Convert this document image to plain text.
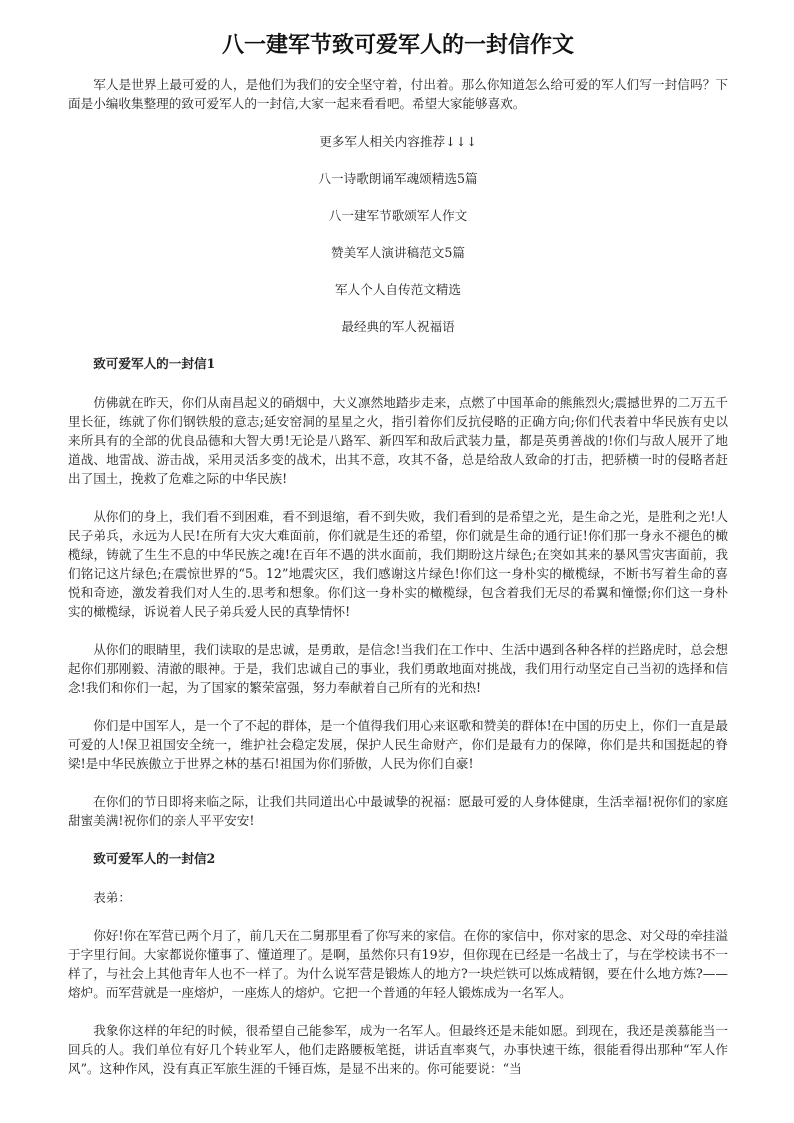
八一建军节致可爱军人的一封信作文

军人是世界上最可爱的人，是他们为我们的安全坚守着，付出着。那么你知道怎么给可爱的军人们写一封信吗？下面是小编收集整理的致可爱军人的一封信,大家一起来看看吧。希望大家能够喜欢。

更多军人相关内容推荐↓↓↓
八一诗歌朗诵军魂颂精选5篇
八一建军节歌颂军人作文
赞美军人演讲稿范文5篇
军人个人自传范文精选
最经典的军人祝福语
致可爱军人的一封信1

仿佛就在昨天，你们从南昌起义的硝烟中，大义凛然地踏步走来，点燃了中国革命的熊熊烈火;震撼世界的二万五千里长征，练就了你们钢铁般的意志;延安窑洞的星星之火，指引着你们反抗侵略的正确方向;你们代表着中华民族有史以来所具有的全部的优良品德和大智大勇!无论是八路军、新四军和敌后武装力量，都是英勇善战的!你们与敌人展开了地道战、地雷战、游击战，采用灵活多变的战术，出其不意，攻其不备，总是给敌人致命的打击，把骄横一时的侵略者赶出了国土，挽救了危难之际的中华民族!

从你们的身上，我们看不到困难，看不到退缩，看不到失败，我们看到的是希望之光，是生命之光，是胜利之光!人民子弟兵，永远为人民!在所有大灾大难面前，你们就是生还的希望，你们就是生命的通行证!你们那一身永不褪色的橄榄绿，铸就了生生不息的中华民族之魂!在百年不遇的洪水面前，我们期盼这片绿色;在突如其来的暴风雪灾害面前，我们铭记这片绿色;在震惊世界的“5。12”地震灾区，我们感谢这片绿色!你们这一身朴实的橄榄绿，不断书写着生命的喜悦和奇迹，激发着我们对人生的.思考和想象。你们这一身朴实的橄榄绿，包含着我们无尽的希翼和憧憬;你们这一身朴实的橄榄绿，诉说着人民子弟兵爱人民的真挚情怀!

从你们的眼睛里，我们读取的是忠诚，是勇敢，是信念!当我们在工作中、生活中遇到各种各样的拦路虎时，总会想起你们那刚毅、清澈的眼神。于是，我们忠诚自己的事业，我们勇敢地面对挑战，我们用行动坚定自己当初的选择和信念!我们和你们一起，为了国家的繁荣富强，努力奉献着自己所有的光和热!

你们是中国军人，是一个了不起的群体，是一个值得我们用心来讴歌和赞美的群体!在中国的历史上，你们一直是最可爱的人!保卫祖国安全统一，维护社会稳定发展，保护人民生命财产，你们是最有力的保障，你们是共和国挺起的脊梁!是中华民族傲立于世界之林的基石!祖国为你们骄傲，人民为你们自豪!

在你们的节日即将来临之际，让我们共同道出心中最诚挚的祝福：愿最可爱的人身体健康，生活幸福!祝你们的家庭甜蜜美满!祝你们的亲人平平安安!

致可爱军人的一封信2

表弟：

你好!你在军营已两个月了，前几天在二舅那里看了你写来的家信。在你的家信中，你对家的思念、对父母的牵挂溢于字里行间。大家都说你懂事了、懂道理了。是啊，虽然你只有19岁，但你现在已经是一名战士了，与在学校读书不一样了，与社会上其他青年人也不一样了。为什么说军营是锻炼人的地方?一块烂铁可以炼成精钢，要在什么地方炼?——熔炉。而军营就是一座熔炉，一座炼人的熔炉。它把一个普通的年轻人锻炼成为一名军人。

我象你这样的年纪的时候，很希望自己能参军，成为一名军人。但最终还是未能如愿。到现在，我还是羡慕能当一回兵的人。我们单位有好几个转业军人，他们走路腰板笔挺，讲话直率爽气，办事快速干练，很能看得出那种“军人作风”。这种作风，没有真正军旅生涯的千锤百炼，是显不出来的。你可能要说：“当
